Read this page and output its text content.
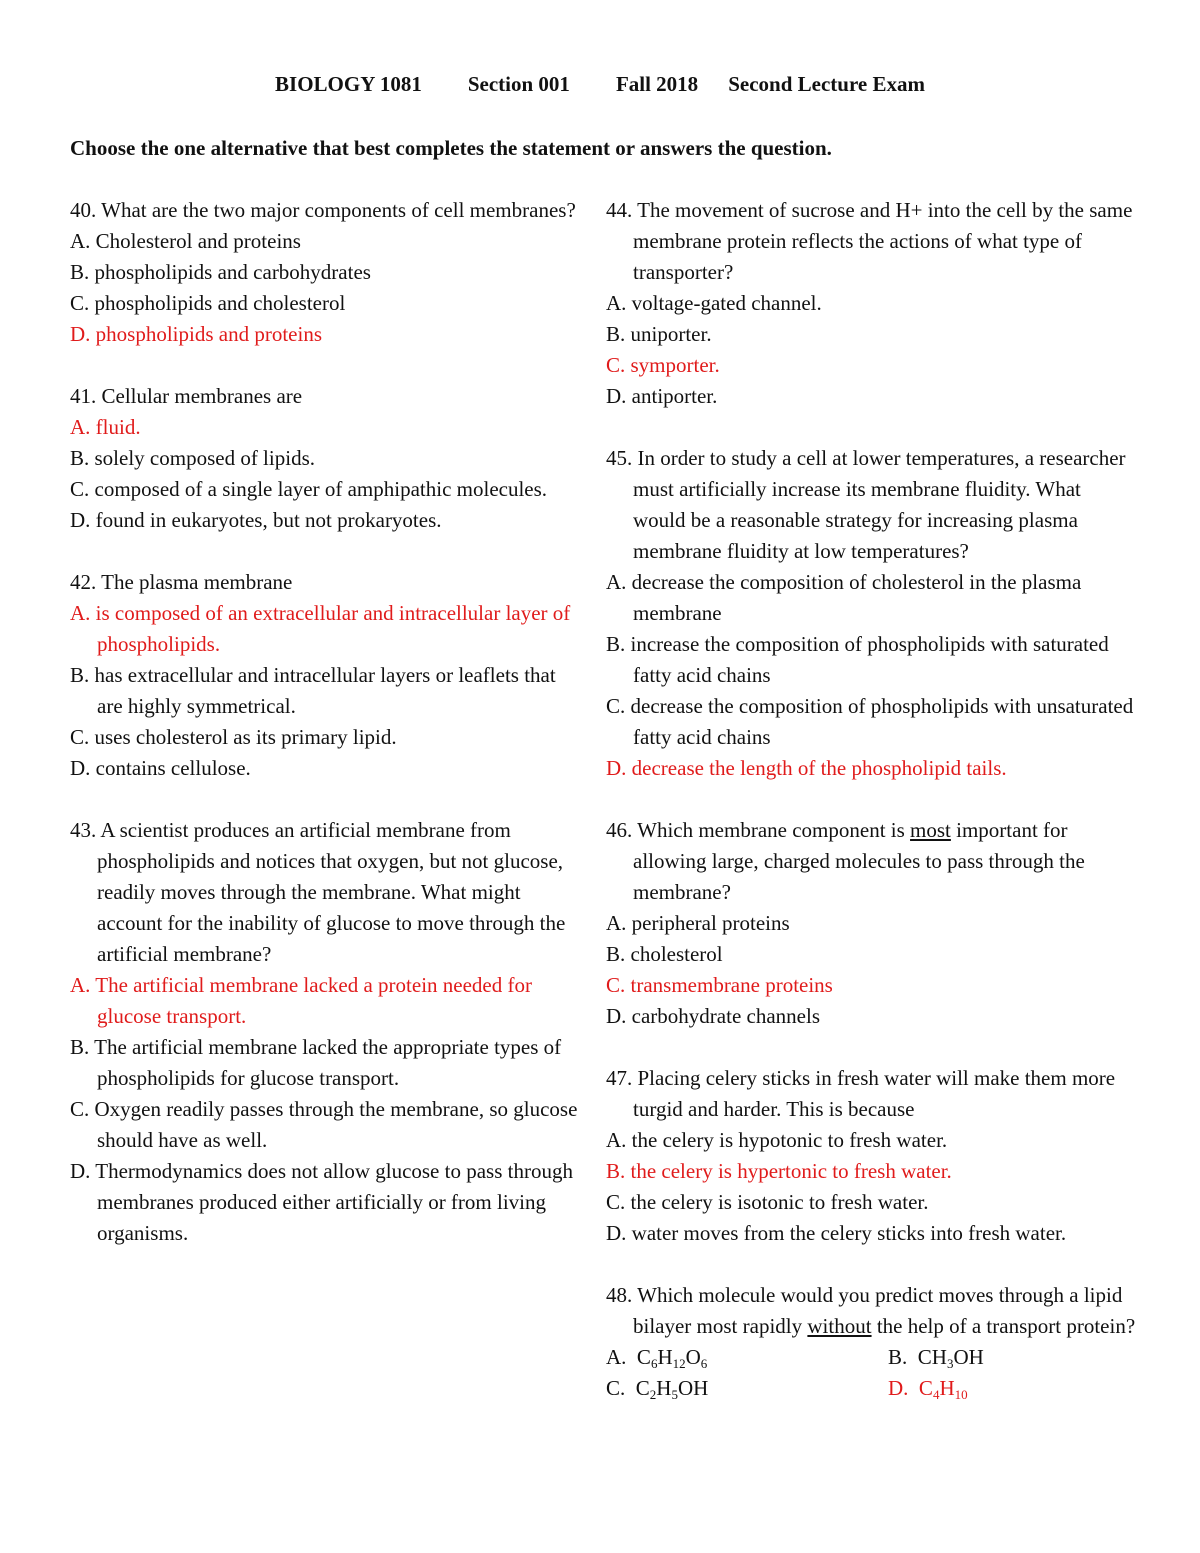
BIOLOGY 1081 Section 001 Fall 2018 Second Lecture Exam
Choose the one alternative that best completes the statement or answers the question.
40. What are the two major components of cell membranes?
A. Cholesterol and proteins
B. phospholipids and carbohydrates
C. phospholipids and cholesterol
D. phospholipids and proteins
41. Cellular membranes are
A. fluid.
B. solely composed of lipids.
C. composed of a single layer of amphipathic molecules.
D. found in eukaryotes, but not prokaryotes.
42. The plasma membrane
A. is composed of an extracellular and intracellular layer of phospholipids.
B. has extracellular and intracellular layers or leaflets that are highly symmetrical.
C. uses cholesterol as its primary lipid.
D. contains cellulose.
43. A scientist produces an artificial membrane from phospholipids and notices that oxygen, but not glucose, readily moves through the membrane. What might account for the inability of glucose to move through the artificial membrane?
A. The artificial membrane lacked a protein needed for glucose transport.
B. The artificial membrane lacked the appropriate types of phospholipids for glucose transport.
C. Oxygen readily passes through the membrane, so glucose should have as well.
D. Thermodynamics does not allow glucose to pass through membranes produced either artificially or from living organisms.
44. The movement of sucrose and H+ into the cell by the same membrane protein reflects the actions of what type of transporter?
A. voltage-gated channel.
B. uniporter.
C. symporter.
D. antiporter.
45. In order to study a cell at lower temperatures, a researcher must artificially increase its membrane fluidity. What would be a reasonable strategy for increasing plasma membrane fluidity at low temperatures?
A. decrease the composition of cholesterol in the plasma membrane
B. increase the composition of phospholipids with saturated fatty acid chains
C. decrease the composition of phospholipids with unsaturated fatty acid chains
D. decrease the length of the phospholipid tails.
46. Which membrane component is most important for allowing large, charged molecules to pass through the membrane?
A. peripheral proteins
B. cholesterol
C. transmembrane proteins
D. carbohydrate channels
47. Placing celery sticks in fresh water will make them more turgid and harder. This is because
A. the celery is hypotonic to fresh water.
B. the celery is hypertonic to fresh water.
C. the celery is isotonic to fresh water.
D. water moves from the celery sticks into fresh water.
48. Which molecule would you predict moves through a lipid bilayer most rapidly without the help of a transport protein?
A.  $C_6H_{12}O_6$	B.  $CH_3OH$
C.  $C_2H_5OH$	D.  $C_4H_{10}$
